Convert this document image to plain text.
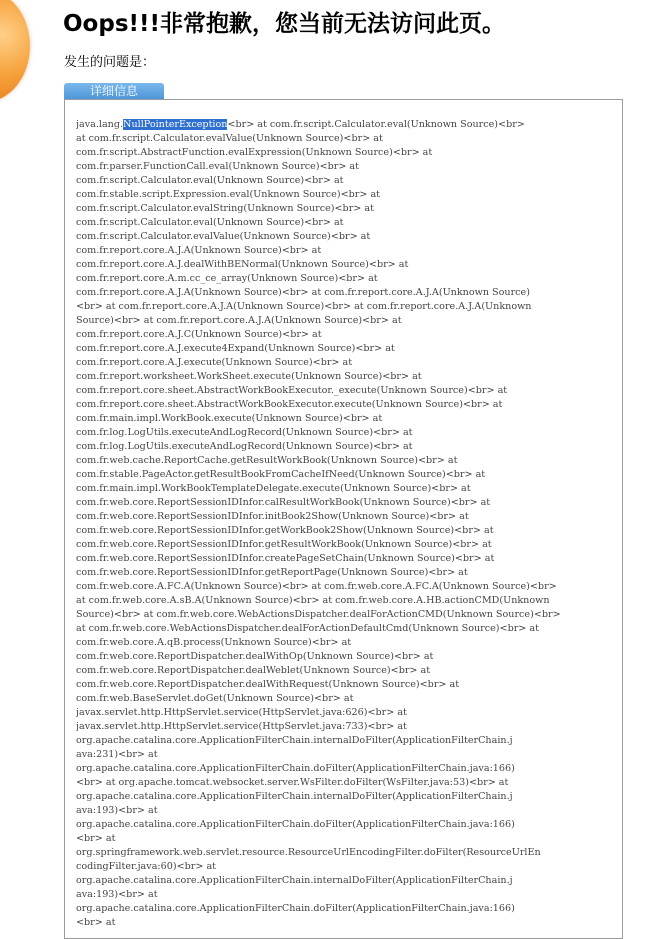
Oops!!!非常抱歉，您当前无法访问此页。
发生的问题是：
详细信息
java.lang.NullPointerException<br> at com.fr.script.Calculator.eval(Unknown Source)<br>
at com.fr.script.Calculator.evalValue(Unknown Source)<br> at
com.fr.script.AbstractFunction.evalExpression(Unknown Source)<br> at
com.fr.parser.FunctionCall.eval(Unknown Source)<br> at
com.fr.script.Calculator.eval(Unknown Source)<br> at
com.fr.stable.script.Expression.eval(Unknown Source)<br> at
com.fr.script.Calculator.evalString(Unknown Source)<br> at
com.fr.script.Calculator.eval(Unknown Source)<br> at
com.fr.script.Calculator.evalValue(Unknown Source)<br> at
com.fr.report.core.A.J.A(Unknown Source)<br> at
com.fr.report.core.A.J.dealWithBENormal(Unknown Source)<br> at
com.fr.report.core.A.m.cc_ce_array(Unknown Source)<br> at
com.fr.report.core.A.J.A(Unknown Source)<br> at com.fr.report.core.A.J.A(Unknown Source)
<br> at com.fr.report.core.A.J.A(Unknown Source)<br> at com.fr.report.core.A.J.A(Unknown
Source)<br> at com.fr.report.core.A.J.A(Unknown Source)<br> at
com.fr.report.core.A.J.C(Unknown Source)<br> at
com.fr.report.core.A.J.execute4Expand(Unknown Source)<br> at
com.fr.report.core.A.J.execute(Unknown Source)<br> at
com.fr.report.worksheet.WorkSheet.execute(Unknown Source)<br> at
com.fr.report.core.sheet.AbstractWorkBookExecutor._execute(Unknown Source)<br> at
com.fr.report.core.sheet.AbstractWorkBookExecutor.execute(Unknown Source)<br> at
com.fr.main.impl.WorkBook.execute(Unknown Source)<br> at
com.fr.log.LogUtils.executeAndLogRecord(Unknown Source)<br> at
com.fr.log.LogUtils.executeAndLogRecord(Unknown Source)<br> at
com.fr.web.cache.ReportCache.getResultWorkBook(Unknown Source)<br> at
com.fr.stable.PageActor.getResultBookFromCacheIfNeed(Unknown Source)<br> at
com.fr.main.impl.WorkBookTemplateDelegate.execute(Unknown Source)<br> at
com.fr.web.core.ReportSessionIDInfor.calResultWorkBook(Unknown Source)<br> at
com.fr.web.core.ReportSessionIDInfor.initBook2Show(Unknown Source)<br> at
com.fr.web.core.ReportSessionIDInfor.getWorkBook2Show(Unknown Source)<br> at
com.fr.web.core.ReportSessionIDInfor.getResultWorkBook(Unknown Source)<br> at
com.fr.web.core.ReportSessionIDInfor.createPageSetChain(Unknown Source)<br> at
com.fr.web.core.ReportSessionIDInfor.getReportPage(Unknown Source)<br> at
com.fr.web.core.A.FC.A(Unknown Source)<br> at com.fr.web.core.A.FC.A(Unknown Source)<br>
at com.fr.web.core.A.sB.A(Unknown Source)<br> at com.fr.web.core.A.HB.actionCMD(Unknown
Source)<br> at com.fr.web.core.WebActionsDispatcher.dealForActionCMD(Unknown Source)<br>
at com.fr.web.core.WebActionsDispatcher.dealForActionDefaultCmd(Unknown Source)<br> at
com.fr.web.core.A.qB.process(Unknown Source)<br> at
com.fr.web.core.ReportDispatcher.dealWithOp(Unknown Source)<br> at
com.fr.web.core.ReportDispatcher.dealWeblet(Unknown Source)<br> at
com.fr.web.core.ReportDispatcher.dealWithRequest(Unknown Source)<br> at
com.fr.web.BaseServlet.doGet(Unknown Source)<br> at
javax.servlet.http.HttpServlet.service(HttpServlet.java:626)<br> at
javax.servlet.http.HttpServlet.service(HttpServlet.java:733)<br> at
org.apache.catalina.core.ApplicationFilterChain.internalDoFilter(ApplicationFilterChain.j
ava:231)<br> at
org.apache.catalina.core.ApplicationFilterChain.doFilter(ApplicationFilterChain.java:166)
<br> at org.apache.tomcat.websocket.server.WsFilter.doFilter(WsFilter.java:53)<br> at
org.apache.catalina.core.ApplicationFilterChain.internalDoFilter(ApplicationFilterChain.j
ava:193)<br> at
org.apache.catalina.core.ApplicationFilterChain.doFilter(ApplicationFilterChain.java:166)
<br> at
org.springframework.web.servlet.resource.ResourceUrlEncodingFilter.doFilter(ResourceUrlEn
codingFilter.java:60)<br> at
org.apache.catalina.core.ApplicationFilterChain.internalDoFilter(ApplicationFilterChain.j
ava:193)<br> at
org.apache.catalina.core.ApplicationFilterChain.doFilter(ApplicationFilterChain.java:166)
<br> at
